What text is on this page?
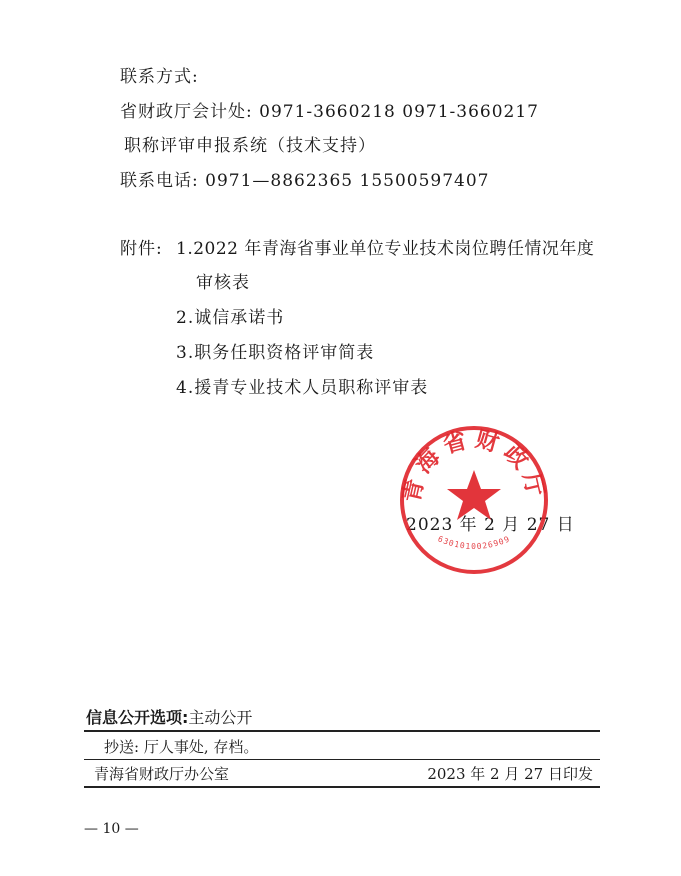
联系方式:
省财政厅会计处: 0971-3660218 0971-3660217
职称评审申报系统（技术支持）
联系电话: 0971—8862365 15500597407
附件: 1.2022 年青海省事业单位专业技术岗位聘任情况年度
审核表
2.诚信承诺书
3.职务任职资格评审简表
4.援青专业技术人员职称评审表
2023 年 2 月 27 日
青海省财政厅
6301010026909
信息公开选项:主动公开
抄送: 厅人事处, 存档。
青海省财政厅办公室	2023 年 2 月 27 日印发
— 10 —
